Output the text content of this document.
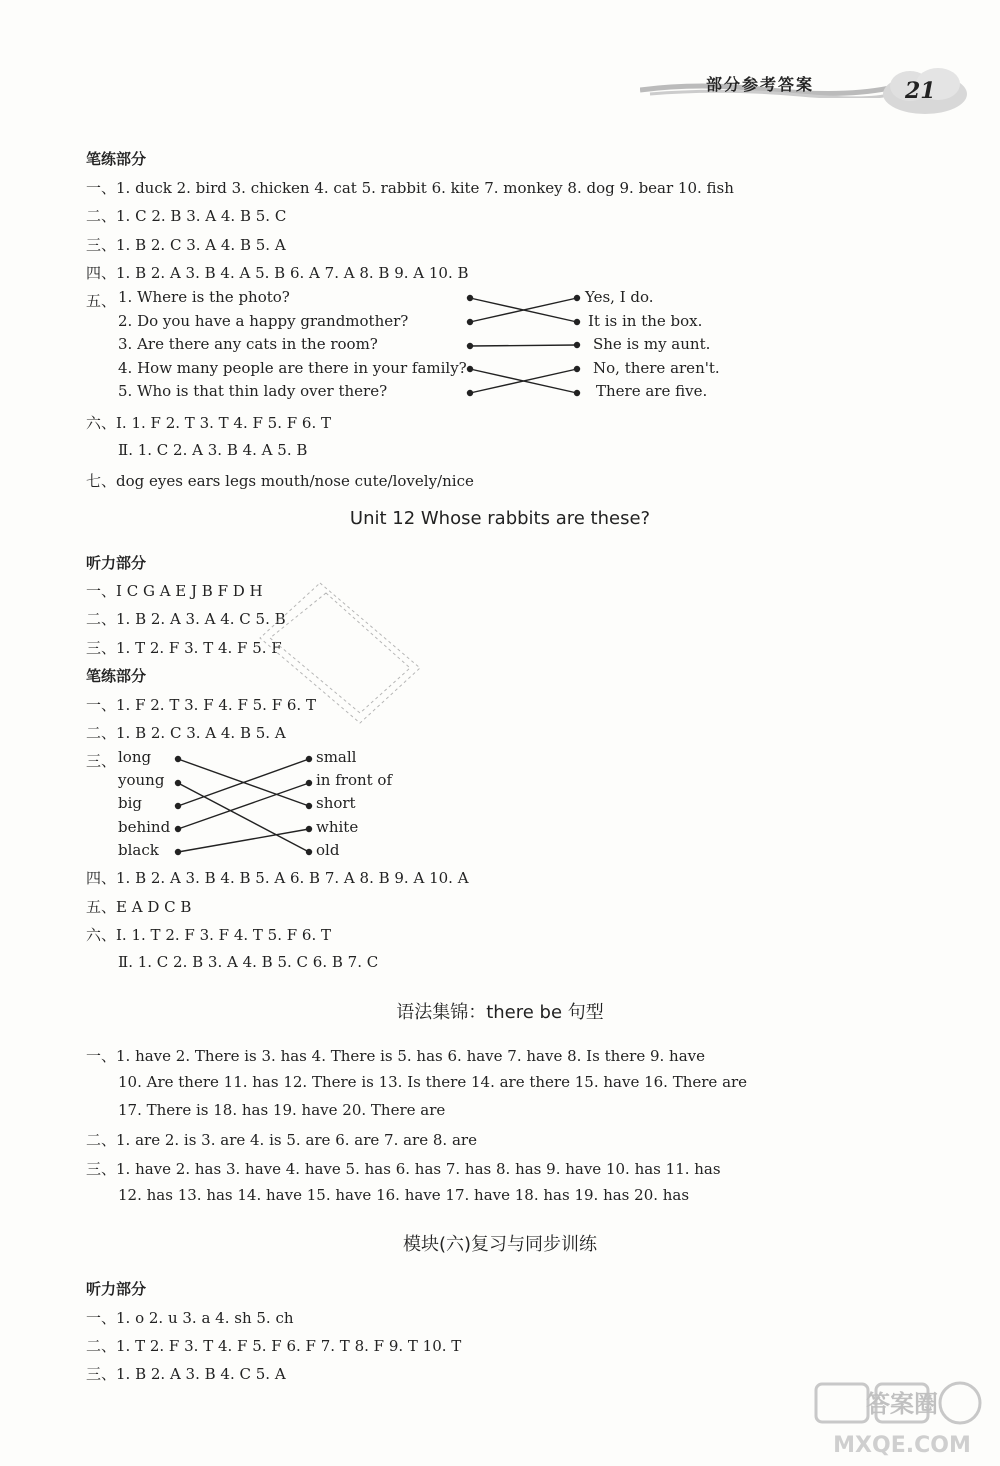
部分参考答案	21
笔练部分
一、1. duck 2. bird 3. chicken 4. cat 5. rabbit 6. kite 7. monkey 8. dog 9. bear 10. fish
二、1. C 2. B 3. A 4. B 5. C
三、1. B 2. C 3. A 4. B 5. A
四、1. B 2. A 3. B 4. A 5. B 6. A 7. A 8. B 9. A 10. B
五、 1. Where is the photo?
2. Do you have a happy grandmother?
3. Are there any cats in the room?
4. How many people are there in your family?
5. Who is that thin lady over there?
Yes, I do.
It is in the box.
She is my aunt.
No, there aren't.
There are five.
六、Ⅰ. 1. F 2. T 3. T 4. F 5. F 6. T
Ⅱ. 1. C 2. A 3. B 4. A 5. B
七、dog eyes ears legs mouth/nose cute/lovely/nice
Unit 12 Whose rabbits are these?
听力部分
一、I C G A E J B F D H
二、1. B 2. A 3. A 4. C 5. B
三、1. T 2. F 3. T 4. F 5. F
笔练部分
一、1. F 2. T 3. F 4. F 5. F 6. T
二、1. B 2. C 3. A 4. B 5. A
三、 long
young
big
behind
black
small
in front of
short
white
old
四、1. B 2. A 3. B 4. B 5. A 6. B 7. A 8. B 9. A 10. A
五、E A D C B
六、Ⅰ. 1. T 2. F 3. F 4. T 5. F 6. T
Ⅱ. 1. C 2. B 3. A 4. B 5. C 6. B 7. C
语法集锦：there be 句型
一、1. have 2. There is 3. has 4. There is 5. has 6. have 7. have 8. Is there 9. have
10. Are there 11. has 12. There is 13. Is there 14. are there 15. have 16. There are
17. There is 18. has 19. have 20. There are
二、1. are 2. is 3. are 4. is 5. are 6. are 7. are 8. are
三、1. have 2. has 3. have 4. have 5. has 6. has 7. has 8. has 9. have 10. has 11. has
12. has 13. has 14. have 15. have 16. have 17. have 18. has 19. has 20. has
模块(六)复习与同步训练
听力部分
一、1. o 2. u 3. a 4. sh 5. ch
二、1. T 2. F 3. T 4. F 5. F 6. F 7. T 8. F 9. T 10. T
三、1. B 2. A 3. B 4. C 5. A
MXQE.COM
答案圈
